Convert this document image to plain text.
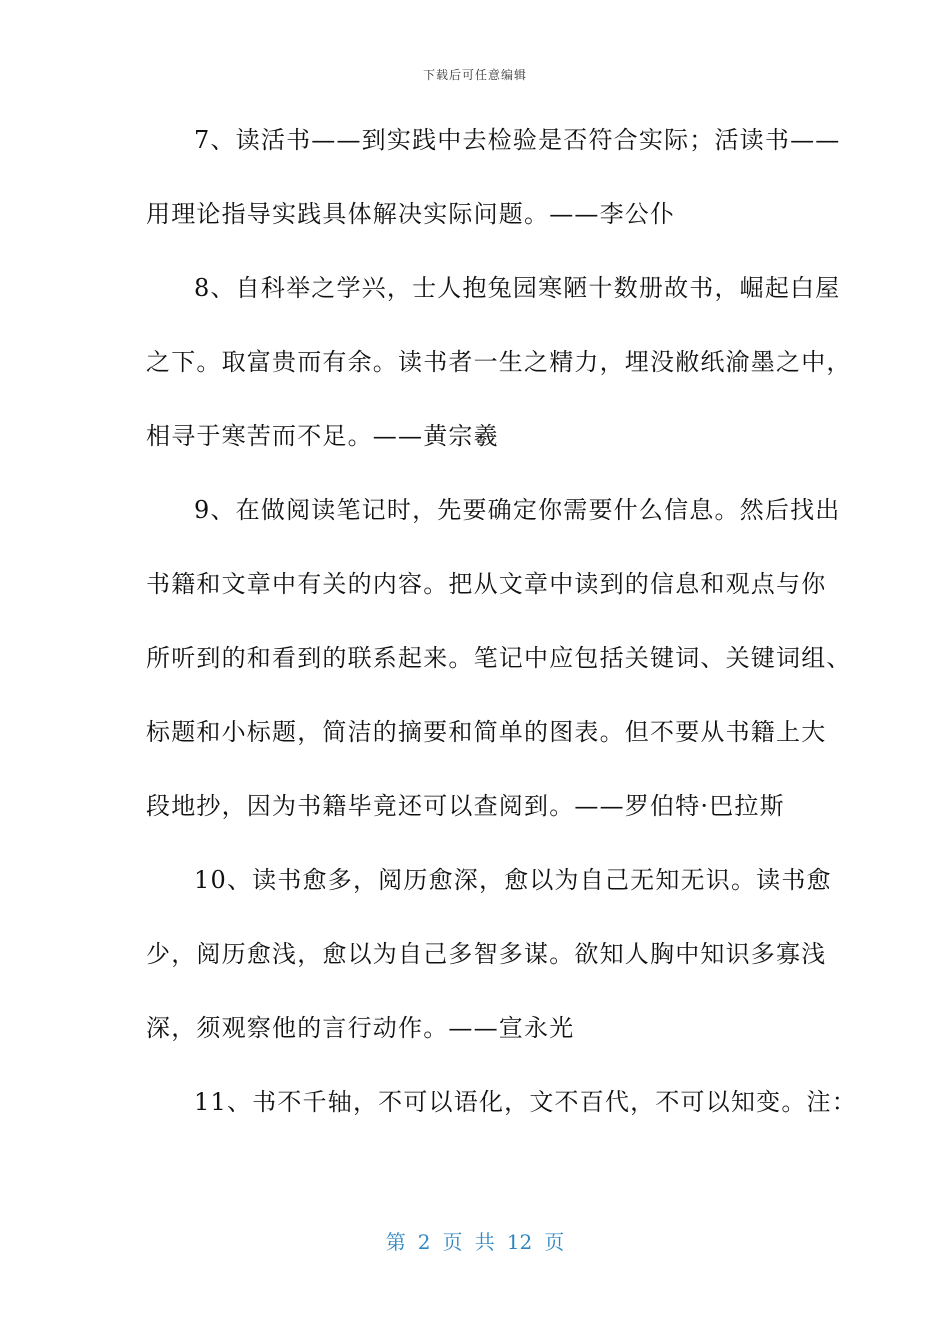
下载后可任意编辑
7、读活书——到实践中去检验是否符合实际；活读书——
用理论指导实践具体解决实际问题。——李公仆
8、自科举之学兴，士人抱兔园寒陋十数册故书，崛起白屋
之下。取富贵而有余。读书者一生之精力，埋没敝纸渝墨之中，
相寻于寒苦而不足。——黄宗羲
9、在做阅读笔记时，先要确定你需要什么信息。然后找出
书籍和文章中有关的内容。把从文章中读到的信息和观点与你
所听到的和看到的联系起来。笔记中应包括关键词、关键词组、
标题和小标题，简洁的摘要和简单的图表。但不要从书籍上大
段地抄，因为书籍毕竟还可以查阅到。——罗伯特·巴拉斯
10、读书愈多，阅历愈深，愈以为自己无知无识。读书愈
少，阅历愈浅，愈以为自己多智多谋。欲知人胸中知识多寡浅
深，须观察他的言行动作。——宣永光
11、书不千轴，不可以语化，文不百代，不可以知变。注：
第 2 页 共 12 页
